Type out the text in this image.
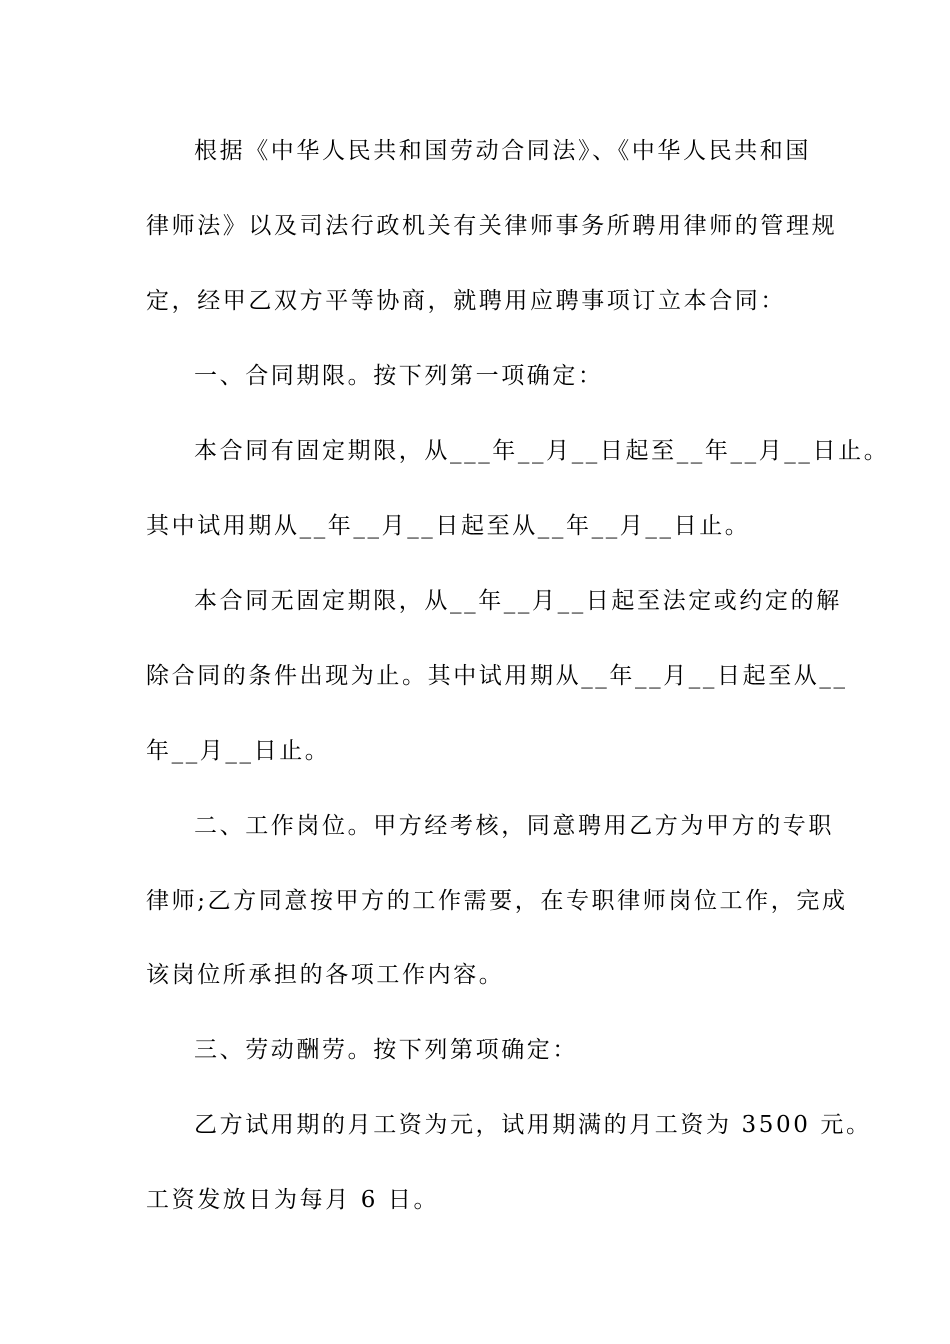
根据《中华人民共和国劳动合同法》、《中华人民共和国
律师法》以及司法行政机关有关律师事务所聘用律师的管理规
定，经甲乙双方平等协商，就聘用应聘事项订立本合同：
一、合同期限。按下列第一项确定：
本合同有固定期限，从___年__月__日起至__年__月__日止。
其中试用期从__年__月__日起至从__年__月__日止。
本合同无固定期限，从__年__月__日起至法定或约定的解
除合同的条件出现为止。其中试用期从__年__月__日起至从__
年__月__日止。
二、工作岗位。甲方经考核，同意聘用乙方为甲方的专职
律师;乙方同意按甲方的工作需要，在专职律师岗位工作，完成
该岗位所承担的各项工作内容。
三、劳动酬劳。按下列第项确定：
乙方试用期的月工资为元，试用期满的月工资为 3500 元。
工资发放日为每月 6 日。
